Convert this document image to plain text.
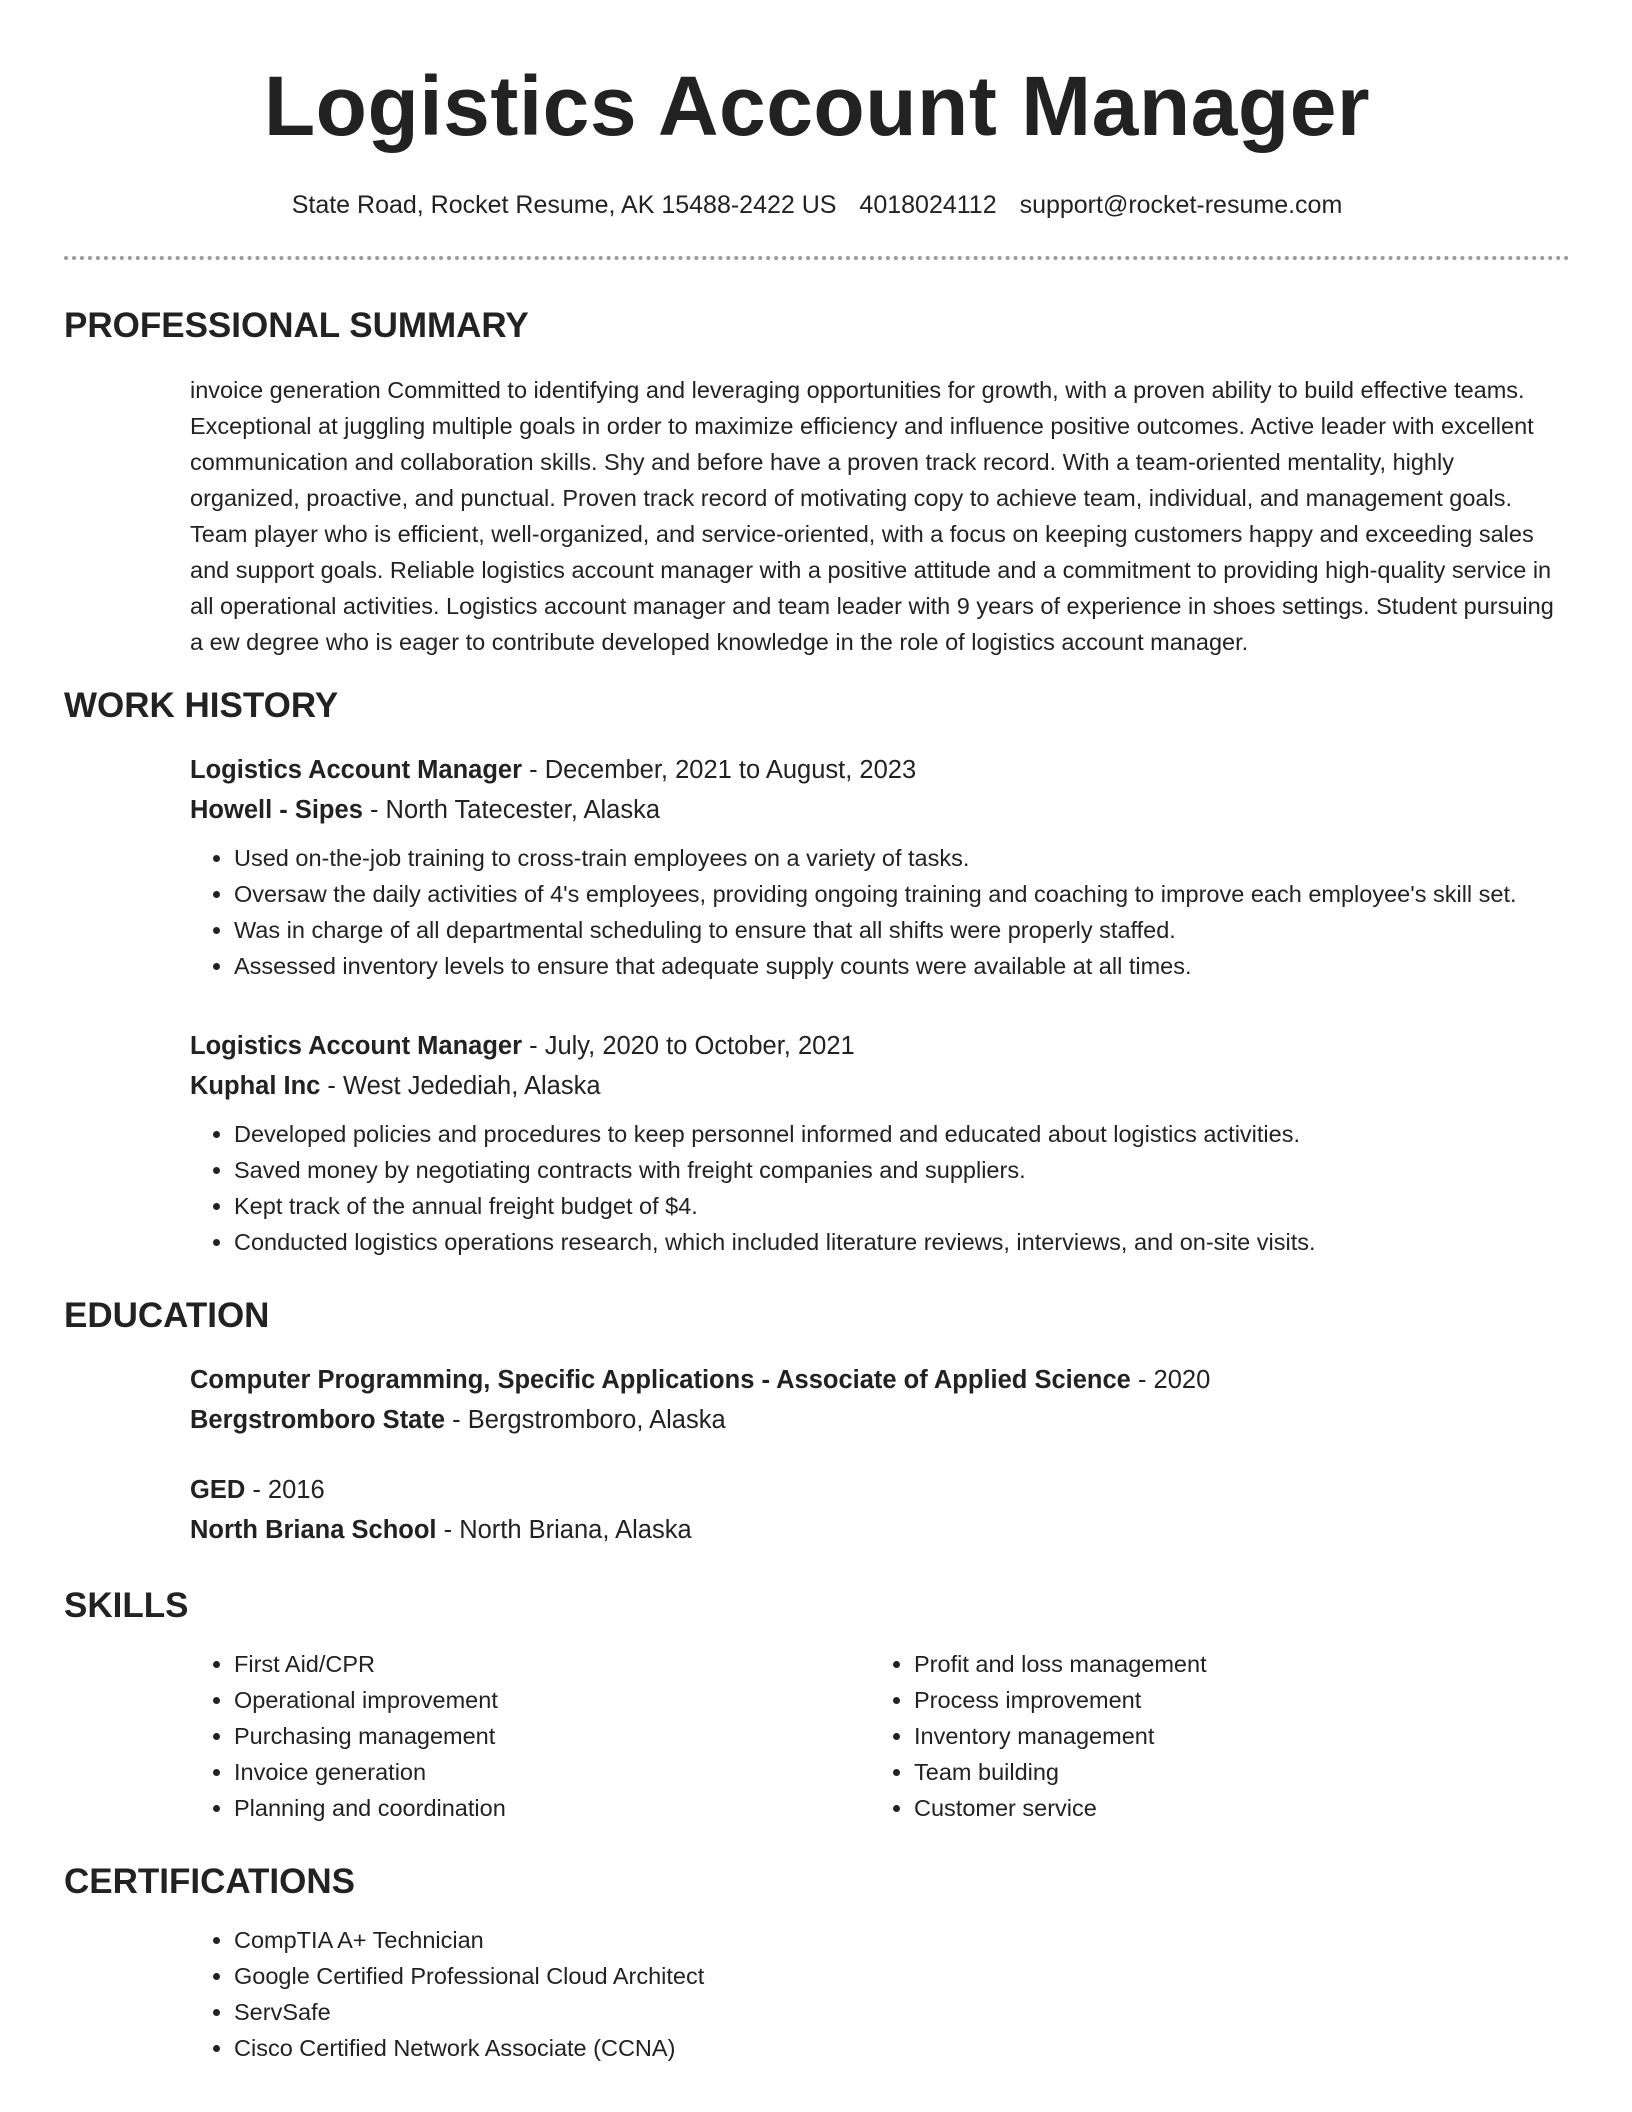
Logistics Account Manager
State Road, Rocket Resume, AK 15488-2422 US 4018024112 support@rocket-resume.com
PROFESSIONAL SUMMARY

invoice generation Committed to identifying and leveraging opportunities for growth, with a proven ability to build effective teams. Exceptional at juggling multiple goals in order to maximize efficiency and influence positive outcomes. Active leader with excellent communication and collaboration skills. Shy and before have a proven track record. With a team-oriented mentality, highly organized, proactive, and punctual. Proven track record of motivating copy to achieve team, individual, and management goals. Team player who is efficient, well-organized, and service-oriented, with a focus on keeping customers happy and exceeding sales and support goals. Reliable logistics account manager with a positive attitude and a commitment to providing high-quality service in all operational activities. Logistics account manager and team leader with 9 years of experience in shoes settings. Student pursuing a ew degree who is eager to contribute developed knowledge in the role of logistics account manager.

WORK HISTORY
Logistics Account Manager - December, 2021 to August, 2023
Howell - Sipes - North Tatecester, Alaska
• Used on-the-job training to cross-train employees on a variety of tasks.
• Oversaw the daily activities of 4's employees, providing ongoing training and coaching to improve each employee's skill set.
• Was in charge of all departmental scheduling to ensure that all shifts were properly staffed.
• Assessed inventory levels to ensure that adequate supply counts were available at all times.
Logistics Account Manager - July, 2020 to October, 2021
Kuphal Inc - West Jedediah, Alaska
• Developed policies and procedures to keep personnel informed and educated about logistics activities.
• Saved money by negotiating contracts with freight companies and suppliers.
• Kept track of the annual freight budget of $4.
• Conducted logistics operations research, which included literature reviews, interviews, and on-site visits.
EDUCATION
Computer Programming, Specific Applications - Associate of Applied Science - 2020
Bergstromboro State - Bergstromboro, Alaska
GED - 2016
North Briana School - North Briana, Alaska
SKILLS
• First Aid/CPR
• Operational improvement
• Purchasing management
• Invoice generation
• Planning and coordination
• Profit and loss management
• Process improvement
• Inventory management
• Team building
• Customer service
CERTIFICATIONS
• CompTIA A+ Technician
• Google Certified Professional Cloud Architect
• ServSafe
• Cisco Certified Network Associate (CCNA)
